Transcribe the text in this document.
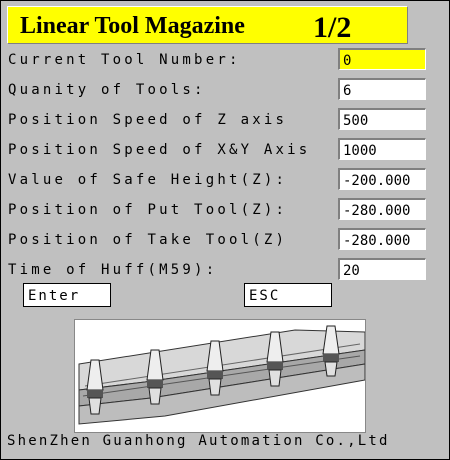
Linear Tool Magazine 1/2
Current Tool Number:	0
Quanity of Tools:	6
Position Speed of Z axis	500
Position Speed of X&Y Axis	1000
Value of Safe Height(Z):	-200.000
Position of Put Tool(Z):	-280.000
Position of Take Tool(Z)	-280.000
Time of Huff(M59):	20
Enter	ESC
ShenZhen Guanhong Automation Co.,Ltd
